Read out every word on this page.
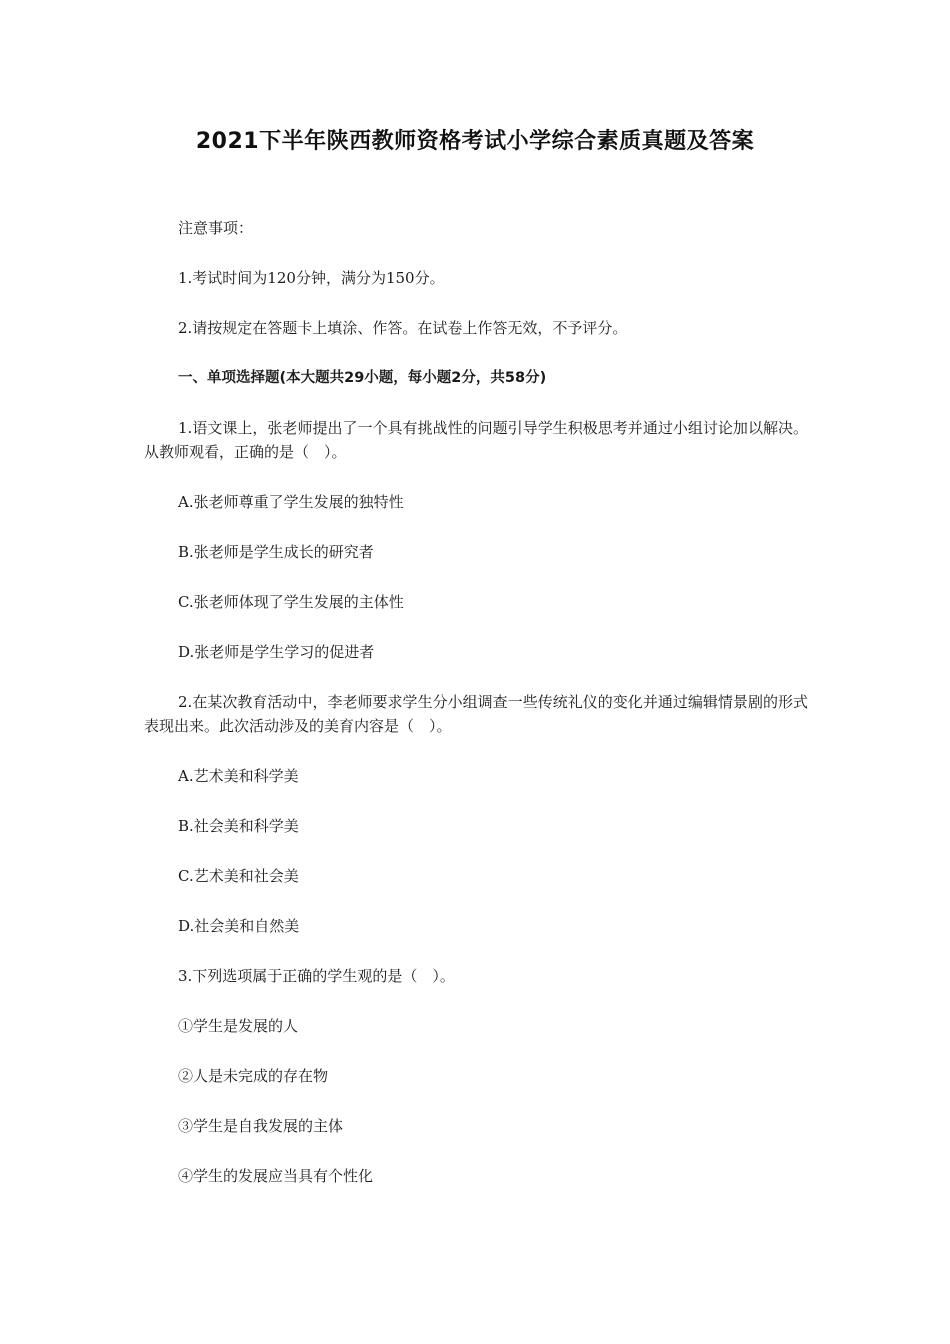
2021下半年陕西教师资格考试小学综合素质真题及答案

注意事项：

1.考试时间为120分钟，满分为150分。

2.请按规定在答题卡上填涂、作答。在试卷上作答无效，不予评分。

一、单项选择题(本大题共29小题，每小题2分，共58分)

1.语文课上，张老师提出了一个具有挑战性的问题引导学生积极思考并通过小组讨论加以解决。从教师观看，正确的是（　）。

A.张老师尊重了学生发展的独特性

B.张老师是学生成长的研究者

C.张老师体现了学生发展的主体性

D.张老师是学生学习的促进者

2.在某次教育活动中，李老师要求学生分小组调查一些传统礼仪的变化并通过编辑情景剧的形式表现出来。此次活动涉及的美育内容是（　）。

A.艺术美和科学美

B.社会美和科学美

C.艺术美和社会美

D.社会美和自然美

3.下列选项属于正确的学生观的是（　）。

①学生是发展的人

②人是未完成的存在物

③学生是自我发展的主体

④学生的发展应当具有个性化
